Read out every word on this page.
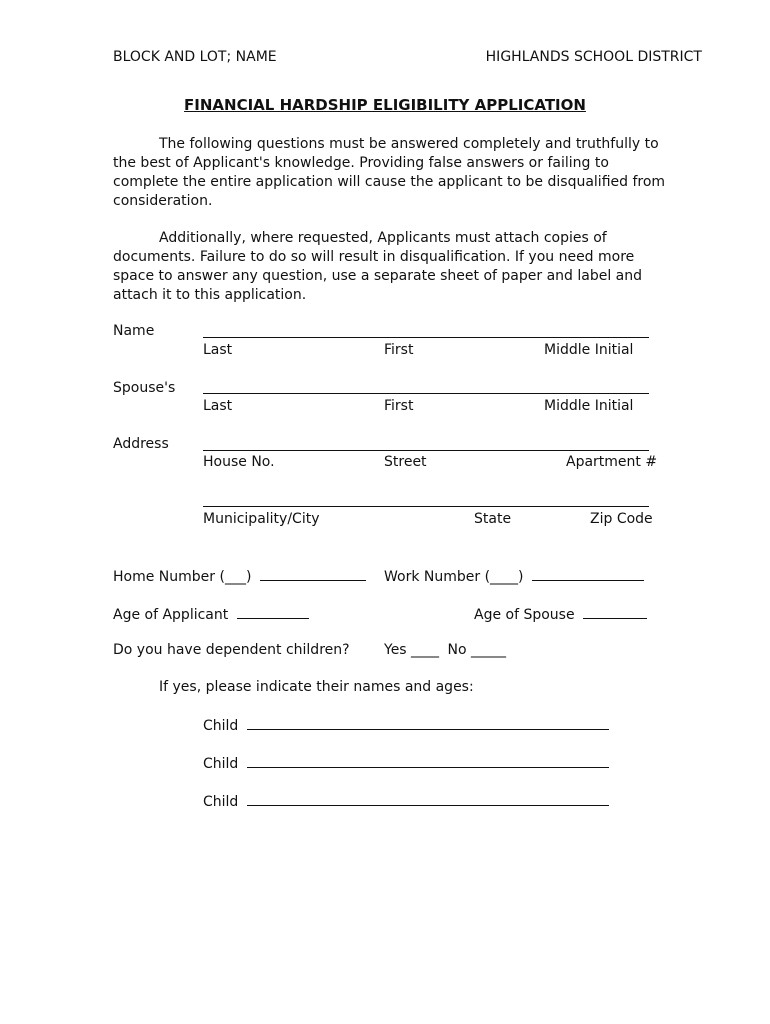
BLOCK AND LOT; NAME	HIGHLANDS SCHOOL DISTRICT
FINANCIAL HARDSHIP ELIGIBILITY APPLICATION

The following questions must be answered completely and truthfully to the best of Applicant's knowledge. Providing false answers or failing to complete the entire application will cause the applicant to be disqualified from consideration.

Additionally, where requested, Applicants must attach copies of documents. Failure to do so will result in disqualification. If you need more space to answer any question, use a separate sheet of paper and label and attach it to this application.

Name
Last	First	Middle Initial
Spouse's
Last	First	Middle Initial
Address
House No.	Street	Apartment #
Municipality/City	State	Zip Code
Home Number (___)	Work Number (____)
Age of Applicant	Age of Spouse
Do you have dependent children? Yes ____ No _____
If yes, please indicate their names and ages:
Child
Child
Child
